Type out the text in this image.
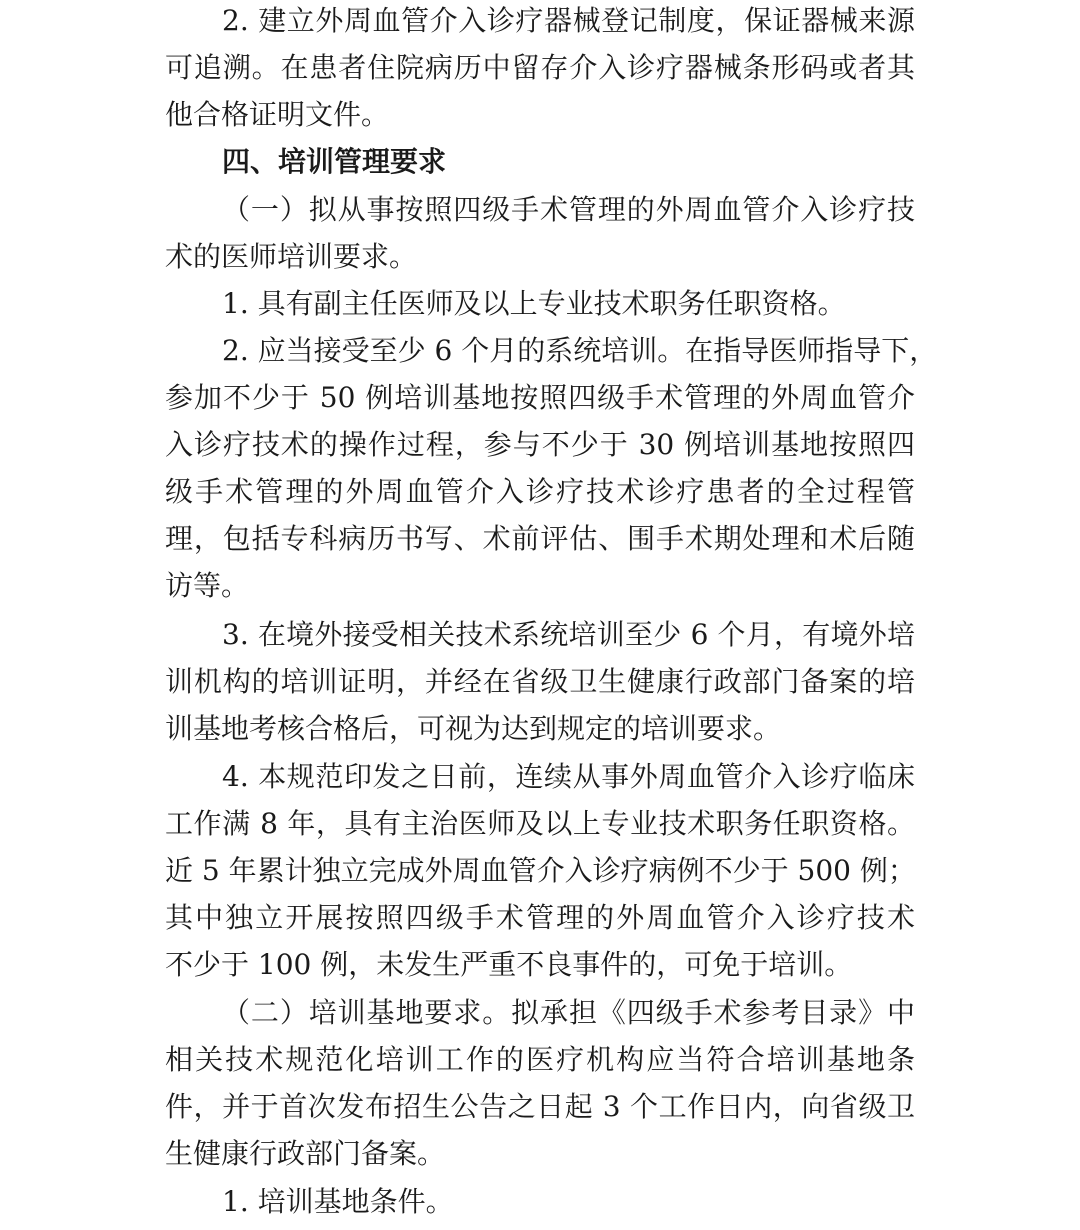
2. 建立外周血管介入诊疗器械登记制度，保证器械来源
可追溯。在患者住院病历中留存介入诊疗器械条形码或者其
他合格证明文件。
四、培训管理要求
（一）拟从事按照四级手术管理的外周血管介入诊疗技
术的医师培训要求。
1. 具有副主任医师及以上专业技术职务任职资格。
2. 应当接受至少 6 个月的系统培训。在指导医师指导下，
参加不少于 50 例培训基地按照四级手术管理的外周血管介
入诊疗技术的操作过程，参与不少于 30 例培训基地按照四
级手术管理的外周血管介入诊疗技术诊疗患者的全过程管
理，包括专科病历书写、术前评估、围手术期处理和术后随
访等。
3. 在境外接受相关技术系统培训至少 6 个月，有境外培
训机构的培训证明，并经在省级卫生健康行政部门备案的培
训基地考核合格后，可视为达到规定的培训要求。
4. 本规范印发之日前，连续从事外周血管介入诊疗临床
工作满 8 年，具有主治医师及以上专业技术职务任职资格。
近 5 年累计独立完成外周血管介入诊疗病例不少于 500 例；
其中独立开展按照四级手术管理的外周血管介入诊疗技术
不少于 100 例，未发生严重不良事件的，可免于培训。
（二）培训基地要求。拟承担《四级手术参考目录》中
相关技术规范化培训工作的医疗机构应当符合培训基地条
件，并于首次发布招生公告之日起 3 个工作日内，向省级卫
生健康行政部门备案。
1. 培训基地条件。
